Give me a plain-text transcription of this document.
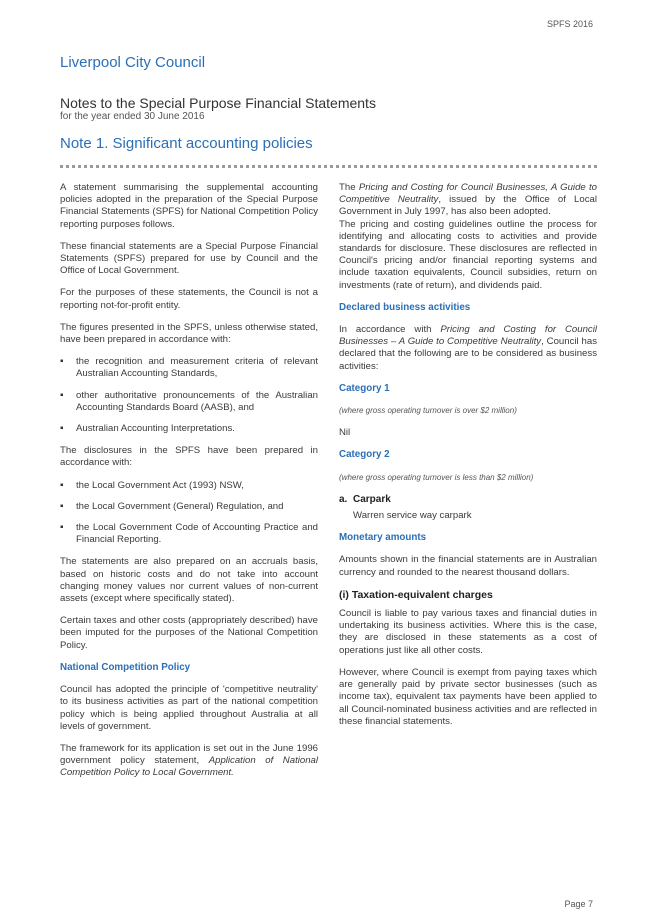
SPFS 2016
Liverpool City Council
Notes to the Special Purpose Financial Statements
for the year ended 30 June 2016
Note 1. Significant accounting policies

A statement summarising the supplemental accounting policies adopted in the preparation of the Special Purpose Financial Statements (SPFS) for National Competition Policy reporting purposes follows.

These financial statements are a Special Purpose Financial Statements (SPFS) prepared for use by Council and the Office of Local Government.

For the purposes of these statements, the Council is not a reporting not-for-profit entity.

The figures presented in the SPFS, unless otherwise stated, have been prepared in accordance with:

▪ the recognition and measurement criteria of relevant Australian Accounting Standards,
▪ other authoritative pronouncements of the Australian Accounting Standards Board (AASB), and
▪ Australian Accounting Interpretations.

The disclosures in the SPFS have been prepared in accordance with:

▪ the Local Government Act (1993) NSW,
▪ the Local Government (General) Regulation, and
▪ the Local Government Code of Accounting Practice and Financial Reporting.

The statements are also prepared on an accruals basis, based on historic costs and do not take into account changing money values nor current values of non-current assets (except where specifically stated).

Certain taxes and other costs (appropriately described) have been imputed for the purposes of the National Competition Policy.

National Competition Policy

Council has adopted the principle of 'competitive neutrality' to its business activities as part of the national competition policy which is being applied throughout Australia at all levels of government.

The framework for its application is set out in the June 1996 government policy statement, Application of National Competition Policy to Local Government.

The Pricing and Costing for Council Businesses, A Guide to Competitive Neutrality, issued by the Office of Local Government in July 1997, has also been adopted.

The pricing and costing guidelines outline the process for identifying and allocating costs to activities and provide standards for disclosure. These disclosures are reflected in Council's pricing and/or financial reporting systems and include taxation equivalents, Council subsidies, return on investments (rate of return), and dividends paid.

Declared business activities

In accordance with Pricing and Costing for Council Businesses – A Guide to Competitive Neutrality, Council has declared that the following are to be considered as business activities:

Category 1

(where gross operating turnover is over $2 million)

Nil

Category 2

(where gross operating turnover is less than $2 million)

a. Carpark

Warren service way carpark

Monetary amounts

Amounts shown in the financial statements are in Australian currency and rounded to the nearest thousand dollars.

(i) Taxation-equivalent charges

Council is liable to pay various taxes and financial duties in undertaking its business activities. Where this is the case, they are disclosed in these statements as a cost of operations just like all other costs.

However, where Council is exempt from paying taxes which are generally paid by private sector businesses (such as income tax), equivalent tax payments have been applied to all Council-nominated business activities and are reflected in these financial statements.

Page 7
